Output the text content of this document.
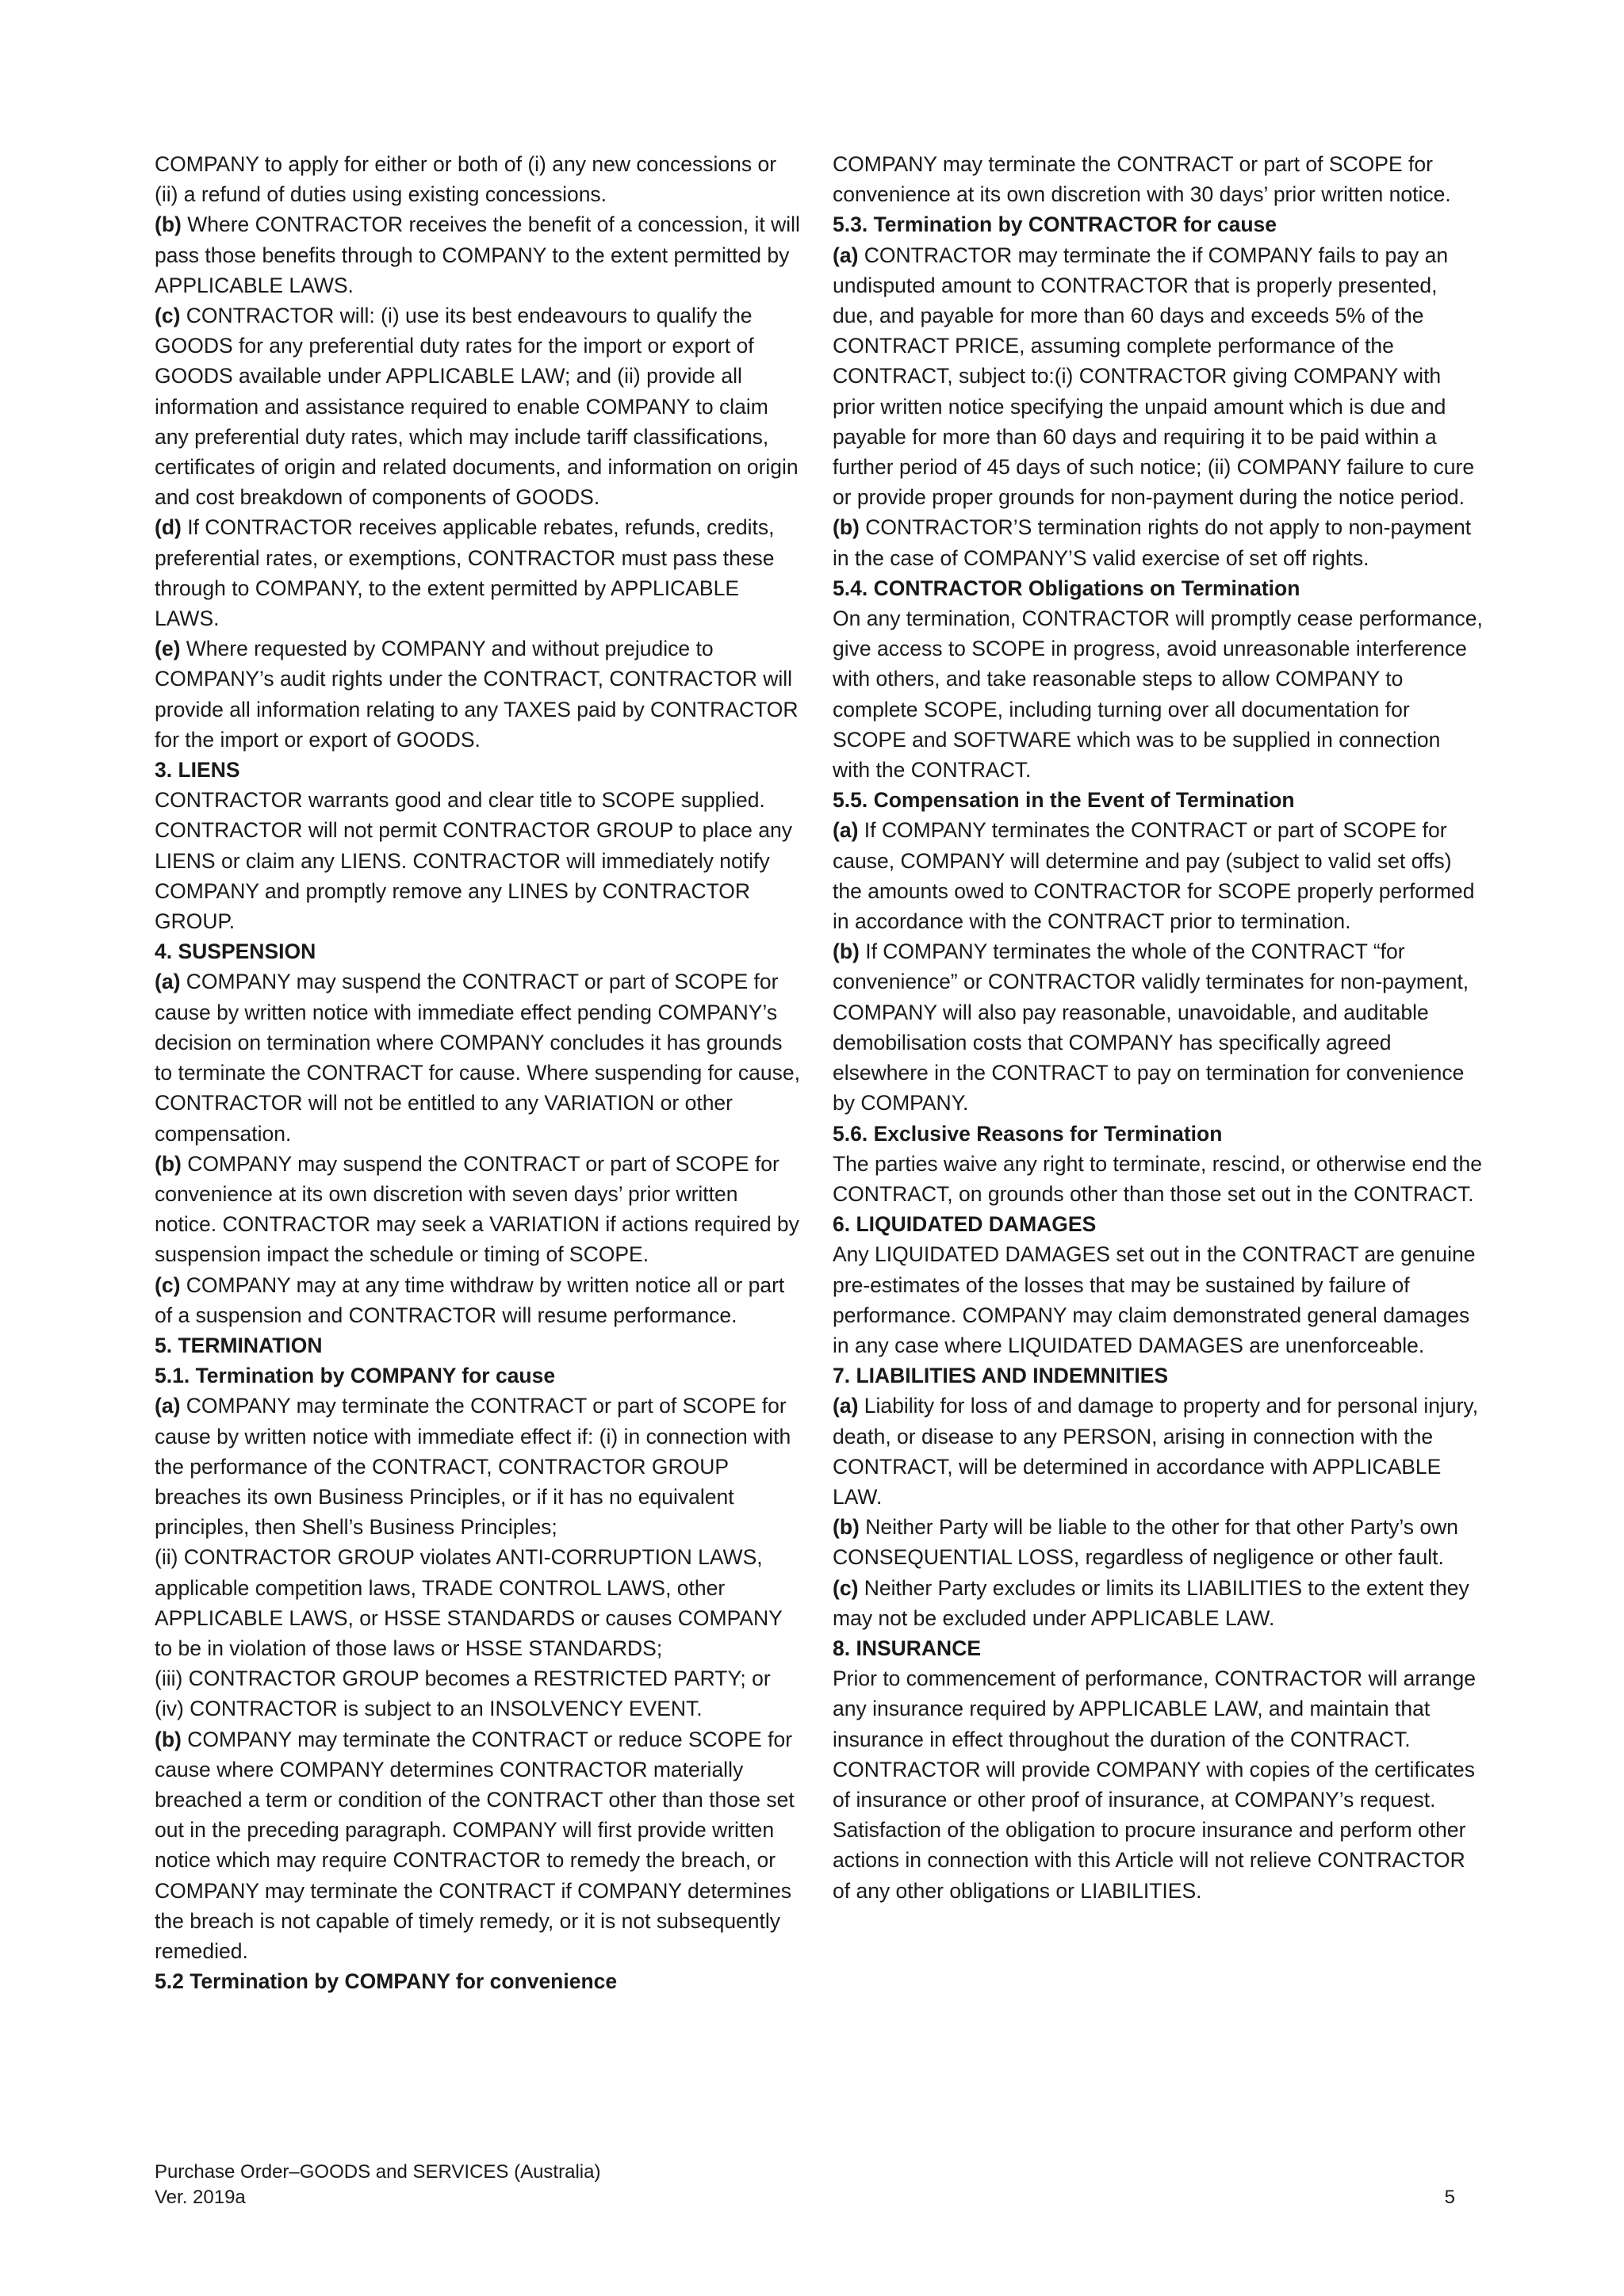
COMPANY to apply for either or both of (i) any new concessions or (ii) a refund of duties using existing concessions.
(b) Where CONTRACTOR receives the benefit of a concession, it will pass those benefits through to COMPANY to the extent permitted by APPLICABLE LAWS.
(c) CONTRACTOR will: (i) use its best endeavours to qualify the GOODS for any preferential duty rates for the import or export of GOODS available under APPLICABLE LAW; and (ii) provide all information and assistance required to enable COMPANY to claim any preferential duty rates, which may include tariff classifications, certificates of origin and related documents, and information on origin and cost breakdown of components of GOODS.
(d) If CONTRACTOR receives applicable rebates, refunds, credits, preferential rates, or exemptions, CONTRACTOR must pass these through to COMPANY, to the extent permitted by APPLICABLE LAWS.
(e) Where requested by COMPANY and without prejudice to COMPANY’s audit rights under the CONTRACT, CONTRACTOR will provide all information relating to any TAXES paid by CONTRACTOR for the import or export of GOODS.
3. LIENS
CONTRACTOR warrants good and clear title to SCOPE supplied. CONTRACTOR will not permit CONTRACTOR GROUP to place any LIENS or claim any LIENS. CONTRACTOR will immediately notify COMPANY and promptly remove any LINES by CONTRACTOR GROUP.
4. SUSPENSION
(a) COMPANY may suspend the CONTRACT or part of SCOPE for cause by written notice with immediate effect pending COMPANY’s decision on termination where COMPANY concludes it has grounds to terminate the CONTRACT for cause. Where suspending for cause, CONTRACTOR will not be entitled to any VARIATION or other compensation.
(b) COMPANY may suspend the CONTRACT or part of SCOPE for convenience at its own discretion with seven days’ prior written notice. CONTRACTOR may seek a VARIATION if actions required by suspension impact the schedule or timing of SCOPE.
(c) COMPANY may at any time withdraw by written notice all or part of a suspension and CONTRACTOR will resume performance.
5. TERMINATION
5.1. Termination by COMPANY for cause
(a) COMPANY may terminate the CONTRACT or part of SCOPE for cause by written notice with immediate effect if: (i) in connection with the performance of the CONTRACT, CONTRACTOR GROUP breaches its own Business Principles, or if it has no equivalent principles, then Shell’s Business Principles;
(ii) CONTRACTOR GROUP violates ANTI-CORRUPTION LAWS, applicable competition laws, TRADE CONTROL LAWS, other APPLICABLE LAWS, or HSSE STANDARDS or causes COMPANY to be in violation of those laws or HSSE STANDARDS;
(iii) CONTRACTOR GROUP becomes a RESTRICTED PARTY; or
(iv) CONTRACTOR is subject to an INSOLVENCY EVENT.
(b) COMPANY may terminate the CONTRACT or reduce SCOPE for cause where COMPANY determines CONTRACTOR materially breached a term or condition of the CONTRACT other than those set out in the preceding paragraph. COMPANY will first provide written notice which may require CONTRACTOR to remedy the breach, or COMPANY may terminate the CONTRACT if COMPANY determines the breach is not capable of timely remedy, or it is not subsequently remedied.
5.2 Termination by COMPANY for convenience
COMPANY may terminate the CONTRACT or part of SCOPE for convenience at its own discretion with 30 days’ prior written notice.
5.3. Termination by CONTRACTOR for cause
(a) CONTRACTOR may terminate the if COMPANY fails to pay an undisputed amount to CONTRACTOR that is properly presented, due, and payable for more than 60 days and exceeds 5% of the CONTRACT PRICE, assuming complete performance of the CONTRACT, subject to:(i) CONTRACTOR giving COMPANY with prior written notice specifying the unpaid amount which is due and payable for more than 60 days and requiring it to be paid within a further period of 45 days of such notice; (ii) COMPANY failure to cure or provide proper grounds for non-payment during the notice period.
(b) CONTRACTOR’S termination rights do not apply to non-payment in the case of COMPANY’S valid exercise of set off rights.
5.4. CONTRACTOR Obligations on Termination
On any termination, CONTRACTOR will promptly cease performance, give access to SCOPE in progress, avoid unreasonable interference with others, and take reasonable steps to allow COMPANY to complete SCOPE, including turning over all documentation for SCOPE and SOFTWARE which was to be supplied in connection with the CONTRACT.
5.5. Compensation in the Event of Termination
(a) If COMPANY terminates the CONTRACT or part of SCOPE for cause, COMPANY will determine and pay (subject to valid set offs) the amounts owed to CONTRACTOR for SCOPE properly performed in accordance with the CONTRACT prior to termination.
(b) If COMPANY terminates the whole of the CONTRACT “for convenience” or CONTRACTOR validly terminates for non-payment, COMPANY will also pay reasonable, unavoidable, and auditable demobilisation costs that COMPANY has specifically agreed elsewhere in the CONTRACT to pay on termination for convenience by COMPANY.
5.6. Exclusive Reasons for Termination
The parties waive any right to terminate, rescind, or otherwise end the CONTRACT, on grounds other than those set out in the CONTRACT.
6. LIQUIDATED DAMAGES
Any LIQUIDATED DAMAGES set out in the CONTRACT are genuine pre-estimates of the losses that may be sustained by failure of performance. COMPANY may claim demonstrated general damages in any case where LIQUIDATED DAMAGES are unenforceable.
7. LIABILITIES AND INDEMNITIES
(a) Liability for loss of and damage to property and for personal injury, death, or disease to any PERSON, arising in connection with the CONTRACT, will be determined in accordance with APPLICABLE LAW.
(b) Neither Party will be liable to the other for that other Party’s own CONSEQUENTIAL LOSS, regardless of negligence or other fault.
(c) Neither Party excludes or limits its LIABILITIES to the extent they may not be excluded under APPLICABLE LAW.
8. INSURANCE
Prior to commencement of performance, CONTRACTOR will arrange any insurance required by APPLICABLE LAW, and maintain that insurance in effect throughout the duration of the CONTRACT. CONTRACTOR will provide COMPANY with copies of the certificates of insurance or other proof of insurance, at COMPANY’s request. Satisfaction of the obligation to procure insurance and perform other actions in connection with this Article will not relieve CONTRACTOR of any other obligations or LIABILITIES.
Purchase Order–GOODS and SERVICES (Australia)
Ver. 2019a	5
